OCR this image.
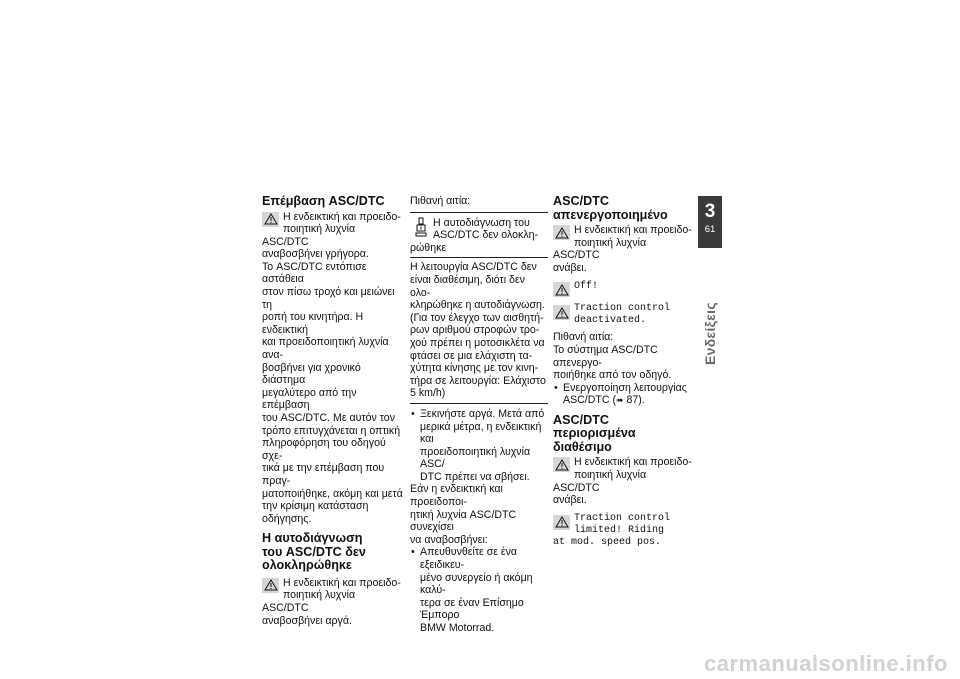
Επέμβαση ASC/DTC
Η ενδεικτική και προειδο-
ποιητική λυχνία ASC/DTC
αναβοσβήνει γρήγορα.

Το ASC/DTC εντόπισε αστάθεια
στον πίσω τροχό και μειώνει τη
ροπή του κινητήρα. Η ενδεικτική
και προειδοποιητική λυχνία ανα-
βοσβήνει για χρονικό διάστημα
μεγαλύτερο από την επέμβαση
του ASC/DTC. Με αυτόν τον
τρόπο επιτυγχάνεται η οπτική
πληροφόρηση του οδηγού σχε-
τικά με την επέμβαση που πραγ-
ματοποιήθηκε, ακόμη και μετά
την κρίσιμη κατάσταση οδήγησης.

Η αυτοδιάγνωση
του ASC/DTC δεν
ολοκληρώθηκε
Η ενδεικτική και προειδο-
ποιητική λυχνία ASC/DTC
αναβοσβήνει αργά.

Πιθανή αιτία:

Η αυτοδιάγνωση του
ASC/DTC δεν ολοκλη-
ρώθηκε
Η λειτουργία ASC/DTC δεν
είναι διαθέσιμη, διότι δεν ολο-
κληρώθηκε η αυτοδιάγνωση.
(Για τον έλεγχο των αισθητή-
ρων αριθμού στροφών τρο-
χού πρέπει η μοτοσικλέτα να
φτάσει σε μια ελάχιστη τα-
χύτητα κίνησης με τον κινη-
τήρα σε λειτουργία: Ελάχιστο
5 km/h)
• Ξεκινήστε αργά. Μετά από
μερικά μέτρα, η ενδεικτική και
προειδοποιητική λυχνία ASC/
DTC πρέπει να σβήσει.

Εάν η ενδεικτική και προειδοποι-
ητική λυχνία ASC/DTC συνεχίσει
να αναβοσβήνει:

• Απευθυνθείτε σε ένα εξειδικευ-
μένο συνεργείο ή ακόμη καλύ-
τερα σε έναν Επίσημο Έμπορο
BMW Motorrad.
ASC/DTC
απενεργοποιημένο
Η ενδεικτική και προειδο-
ποιητική λυχνία ASC/DTC
ανάβει.
Off!
Traction control
deactivated.

Πιθανή αιτία:

Το σύστημα ASC/DTC απενεργο-
ποιήθηκε από τον οδηγό.

• Ενεργοποίηση λειτουργίας
ASC/DTC (➠ 87).
ASC/DTC περιορισμένα
διαθέσιμο
Η ενδεικτική και προειδο-
ποιητική λυχνία ASC/DTC
ανάβει.
Traction control
limited! Riding
at mod. speed pos.
3
61
Ενδείξεις
carmanualsonline.info
